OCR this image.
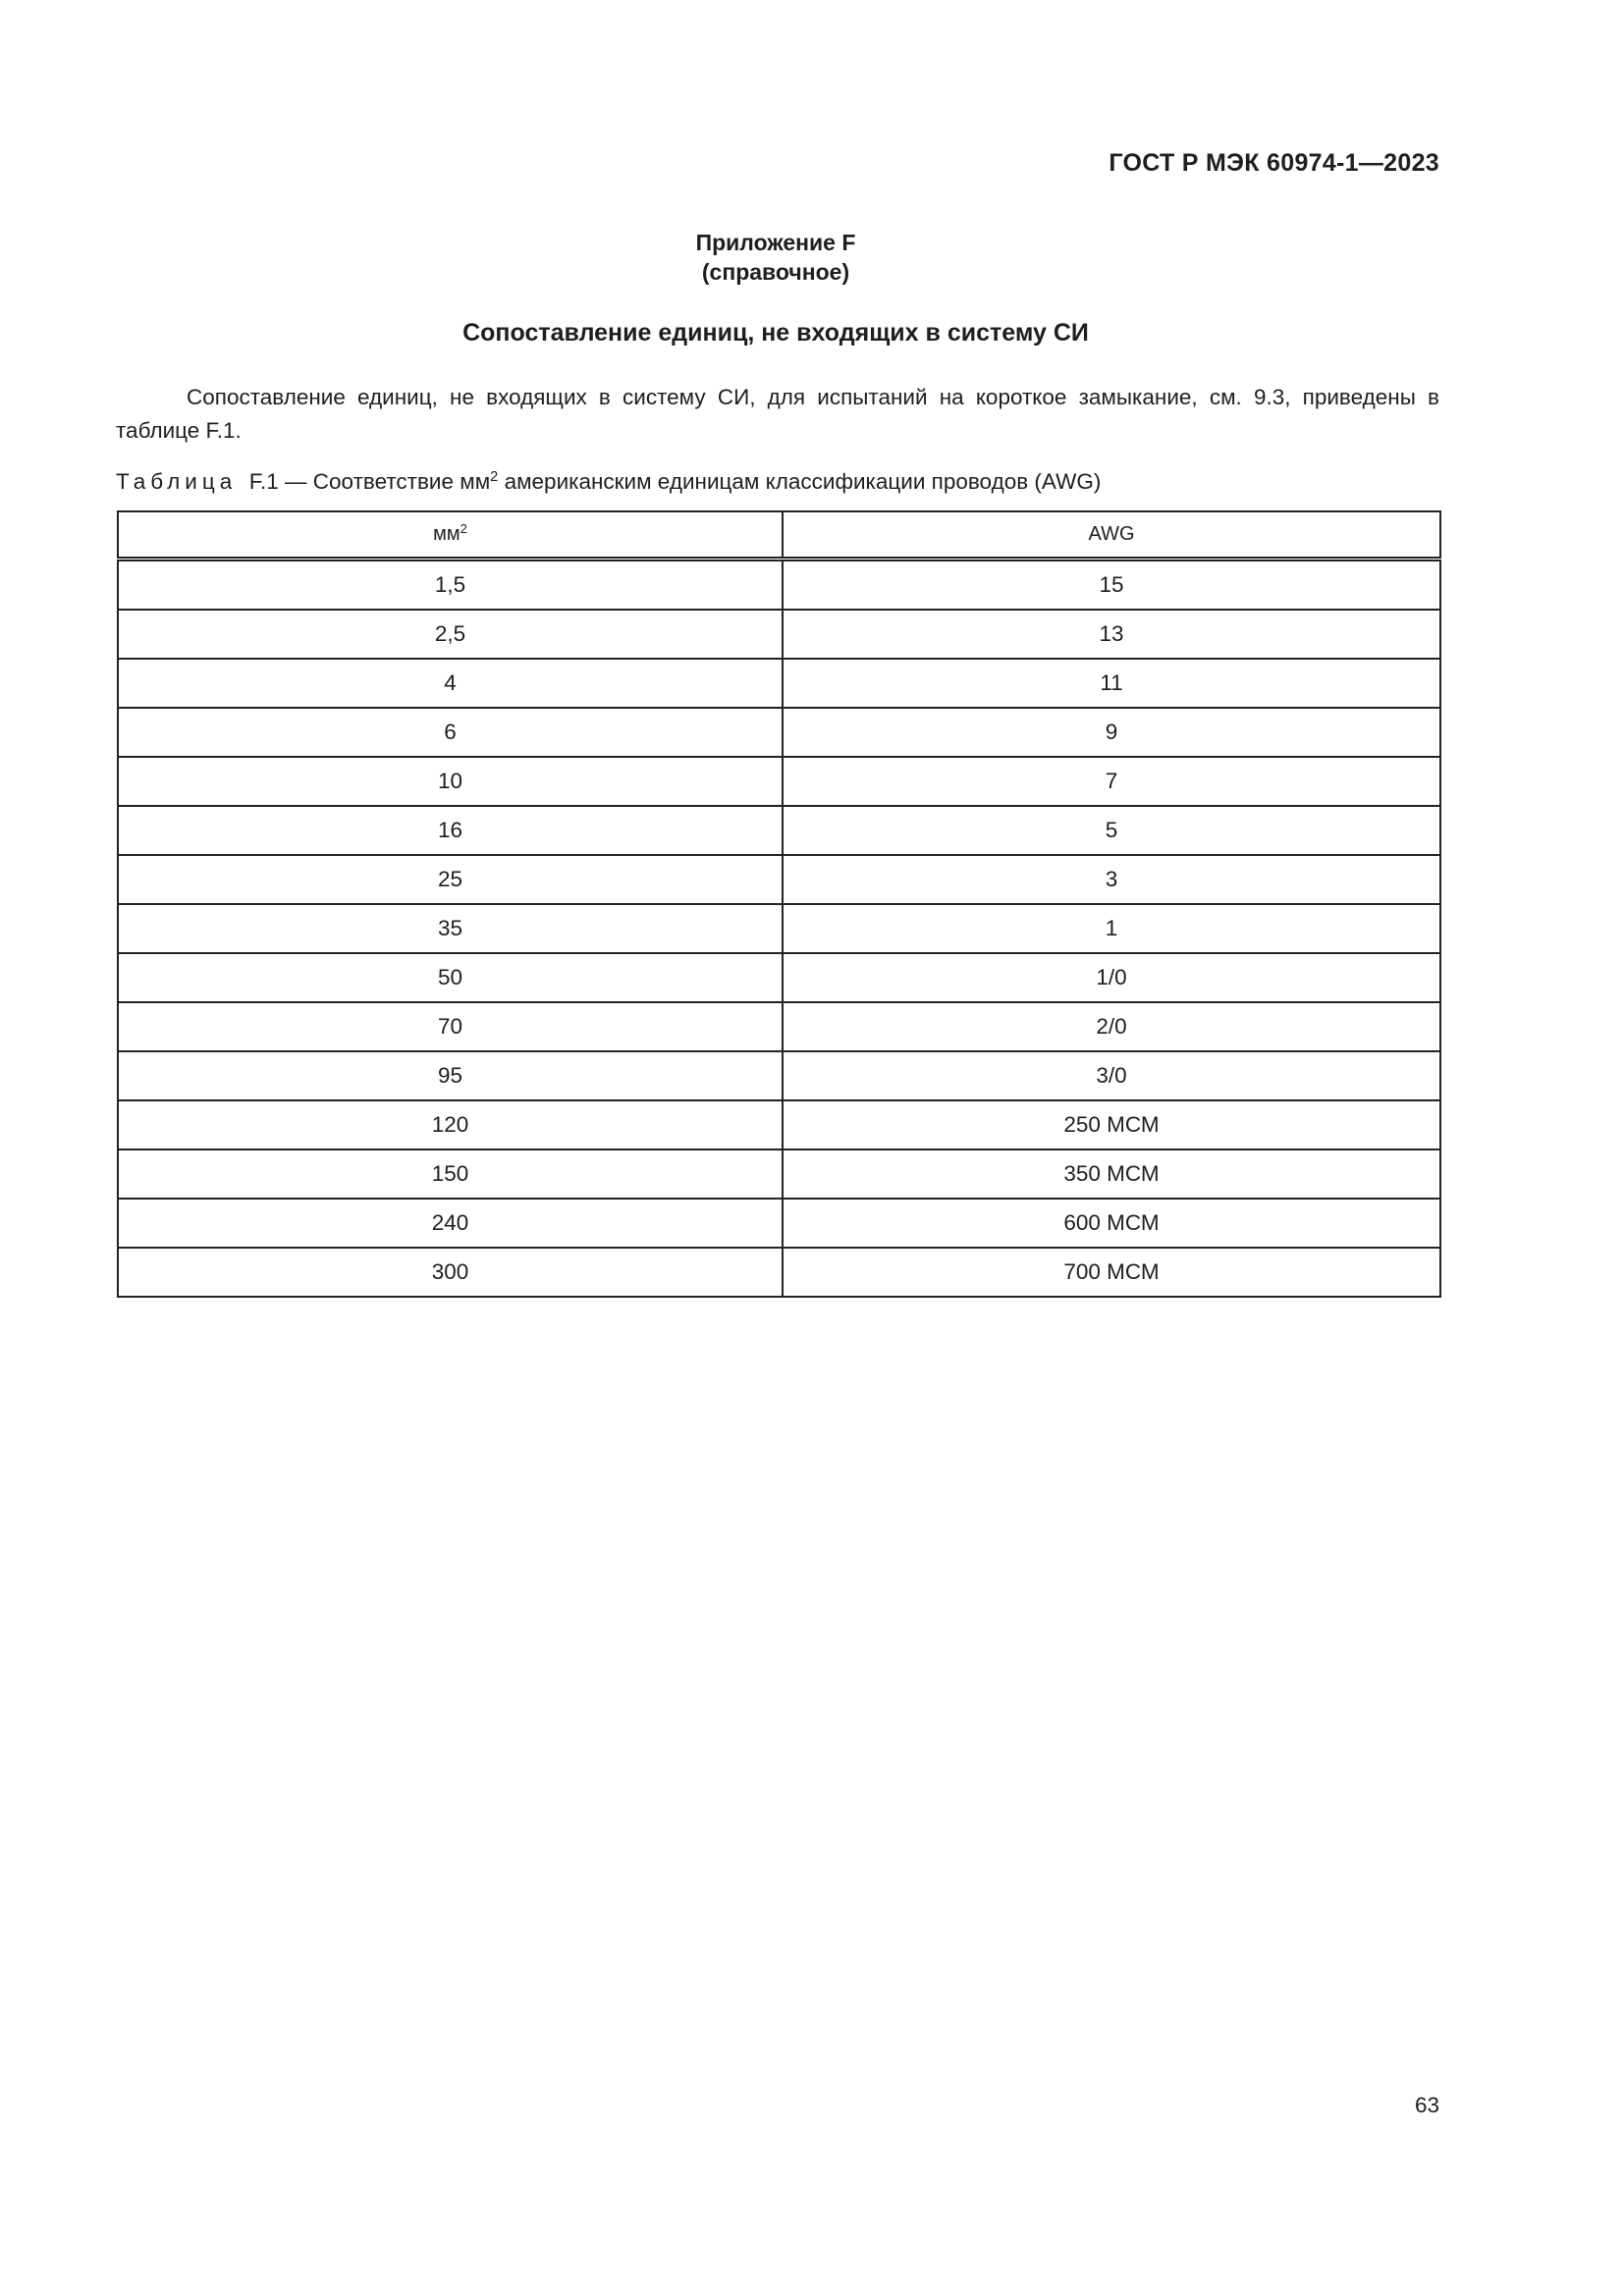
ГОСТ Р МЭК 60974-1—2023
Приложение F
(справочное)
Сопоставление единиц, не входящих в систему СИ
Сопоставление единиц, не входящих в систему СИ, для испытаний на короткое замыкание, см. 9.3, приведены в таблице F.1.
Таблица F.1 — Соответствие $мм^2$ американским единицам классификации проводов (AWG)
$мм^2$	AWG
1,5	15
2,5	13
4	11
6	9
10	7
16	5
25	3
35	1
50	1/0
70	2/0
95	3/0
120	250 МСМ
150	350 МСМ
240	600 МСМ
300	700 МСМ
63
